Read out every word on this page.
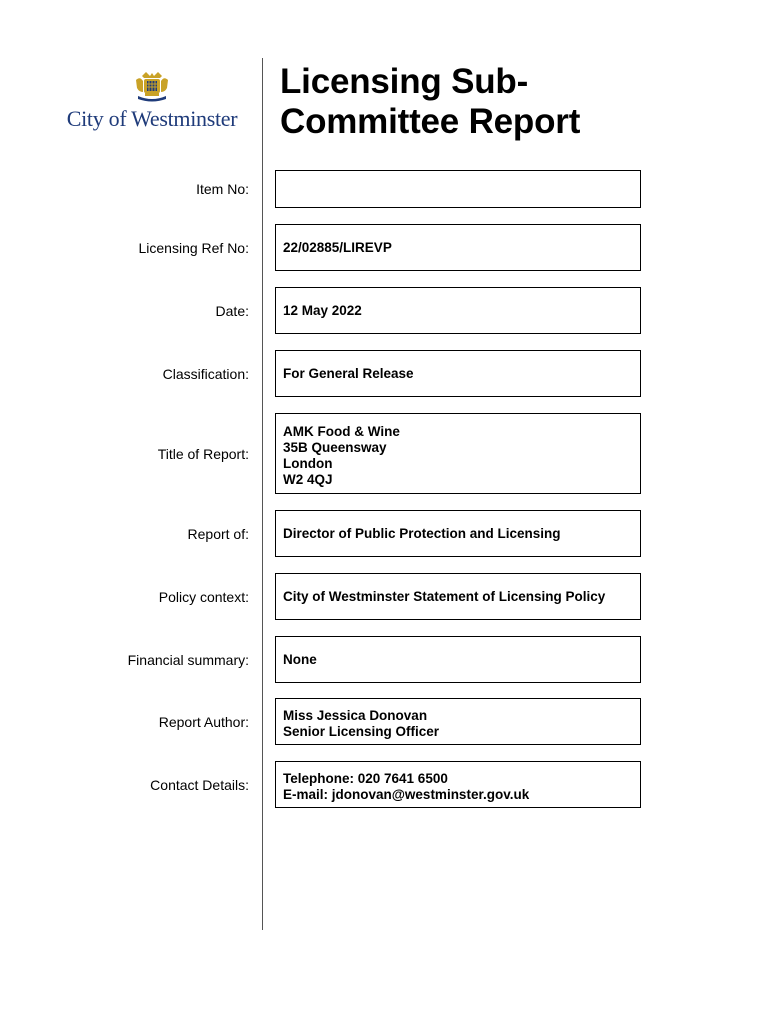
City of Westminster
Licensing Sub-
Committee Report
Item No:
Licensing Ref No:	22/02885/LIREVP
Date:	12 May 2022
Classification:	For General Release
Title of Report:
AMK Food & Wine
35B Queensway
London
W2 4QJ
Report of:	Director of Public Protection and Licensing
Policy context:	City of Westminster Statement of Licensing Policy
Financial summary:	None
Report Author:	Miss Jessica Donovan
Senior Licensing Officer
Contact Details:	Telephone: 020 7641 6500
E-mail: jdonovan@westminster.gov.uk
